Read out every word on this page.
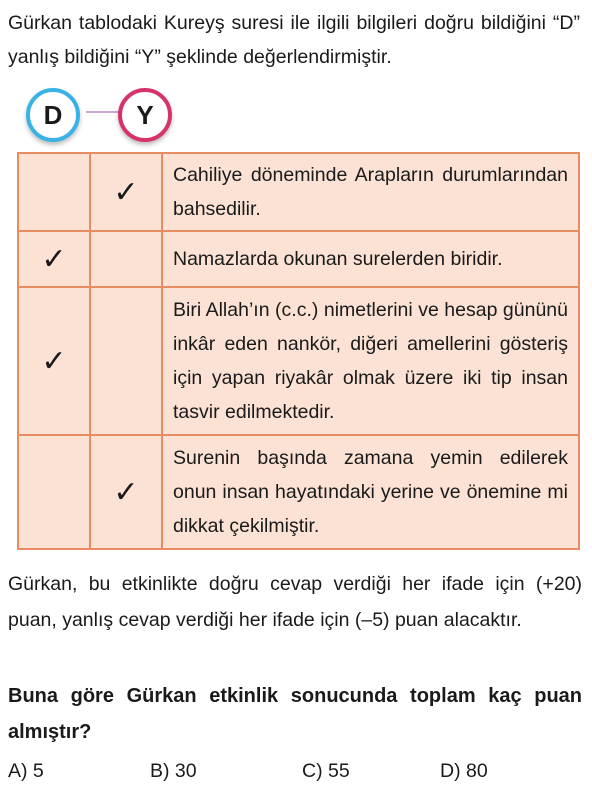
Gürkan tablodaki Kureyş suresi ile ilgili bilgileri doğru bildiğini “D” yanlış bildiğini “Y” şeklinde değerlendirmiştir.
D	Y
	✓	Cahiliye döneminde Arapların durumlarından bahsedilir.
✓		Namazlarda okunan surelerden biridir.
✓		Biri Allah’ın (c.c.) nimetlerini ve hesap gününü inkâr eden nankör, diğeri amellerini gösteriş için yapan riyakâr olmak üzere iki tip insan tasvir edilmektedir.
	✓	Surenin başında zamana yemin edilerek onun insan hayatındaki yerine ve önemine mi dikkat çekilmiştir.
Gürkan, bu etkinlikte doğru cevap verdiği her ifade için (+20) puan, yanlış cevap verdiği her ifade için (–5) puan alacaktır.
Buna göre Gürkan etkinlik sonucunda toplam kaç puan almıştır?
A) 5	B) 30	C) 55	D) 80
